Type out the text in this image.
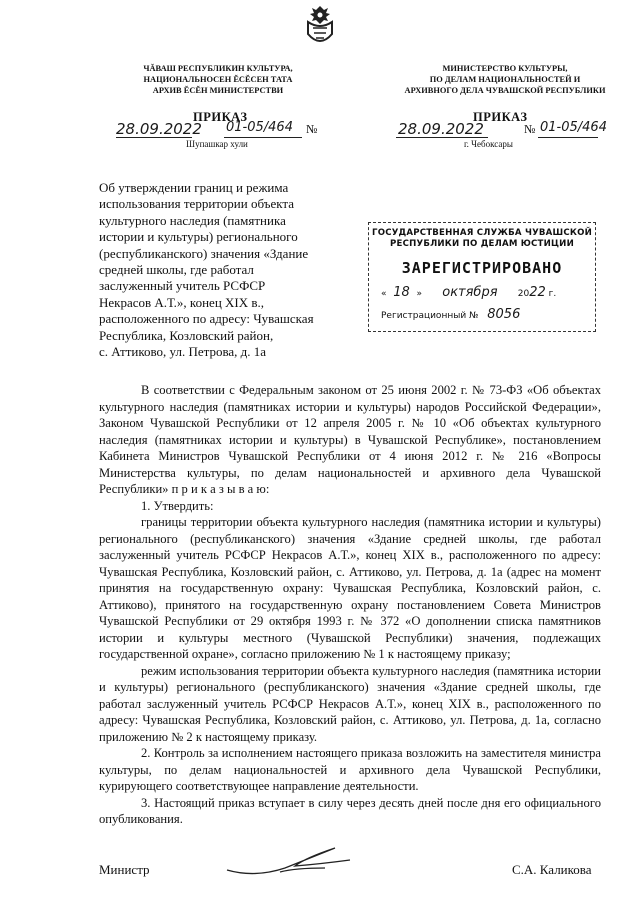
ЧĂВАШ РЕСПУБЛИКИН КУЛЬТУРА,
НАЦИОНАЛЬНОСЕН ĔСĔСЕН ТАТА
АРХИВ ĔСĔН МИНИСТЕРСТВИ
МИНИСТЕРСТВО КУЛЬТУРЫ,
ПО ДЕЛАМ НАЦИОНАЛЬНОСТЕЙ И
АРХИВНОГО ДЕЛА ЧУВАШСКОЙ РЕСПУБЛИКИ
ПРИКАЗ
28.09.2022 01-05/464 №
Шупашкар хули
ПРИКАЗ
28.09.2022	№ 01-05/464
г. Чебоксары
Об утверждении границ и режима
использования территории объекта
культурного наследия (памятника
истории и культуры) регионального
(республиканского) значения «Здание
средней школы, где работал
заслуженный учитель РСФСР
Некрасов А.Т.», конец XIX в.,
расположенного по адресу: Чувашская
Республика, Козловский район,
с. Аттиково, ул. Петрова, д. 1а
ГОСУДАРСТВЕННАЯ СЛУЖБА ЧУВАШСКОЙ
РЕСПУБЛИКИ ПО ДЕЛАМ ЮСТИЦИИ
ЗАРЕГИСТРИРОВАНО
« 18 » октября 2022 г.
Регистрационный № 8056

В соответствии с Федеральным законом от 25 июня 2002 г. № 73-ФЗ «Об объектах культурного наследия (памятниках истории и культуры) народов Российской Федерации», Законом Чувашской Республики от 12 апреля 2005 г. № 10 «Об объектах культурного наследия (памятниках истории и культуры) в Чувашской Республике», постановлением Кабинета Министров Чувашской Республики от 4 июня 2012 г. № 216 «Вопросы Министерства культуры, по делам национальностей и архивного дела Чувашской Республики» п р и к а з ы в а ю:

1. Утвердить:

границы территории объекта культурного наследия (памятника истории и культуры) регионального (республиканского) значения «Здание средней школы, где работал заслуженный учитель РСФСР Некрасов А.Т.», конец XIX в., расположенного по адресу: Чувашская Республика, Козловский район, с. Аттиково, ул. Петрова, д. 1а (адрес на момент принятия на государственную охрану: Чувашская Республика, Козловский район, с. Аттиково), принятого на государственную охрану постановлением Совета Министров Чувашской Республики от 29 октября 1993 г. № 372 «О дополнении списка памятников истории и культуры местного (Чувашской Республики) значения, подлежащих государственной охране», согласно приложению № 1 к настоящему приказу;

режим использования территории объекта культурного наследия (памятника истории и культуры) регионального (республиканского) значения «Здание средней школы, где работал заслуженный учитель РСФСР Некрасов А.Т.», конец XIX в., расположенного по адресу: Чувашская Республика, Козловский район, с. Аттиково, ул. Петрова, д. 1а, согласно приложению № 2 к настоящему приказу.

2. Контроль за исполнением настоящего приказа возложить на заместителя министра культуры, по делам национальностей и архивного дела Чувашской Республики, курирующего соответствующее направление деятельности.

3. Настоящий приказ вступает в силу через десять дней после дня его официального опубликования.

Министр	С.А. Каликова
